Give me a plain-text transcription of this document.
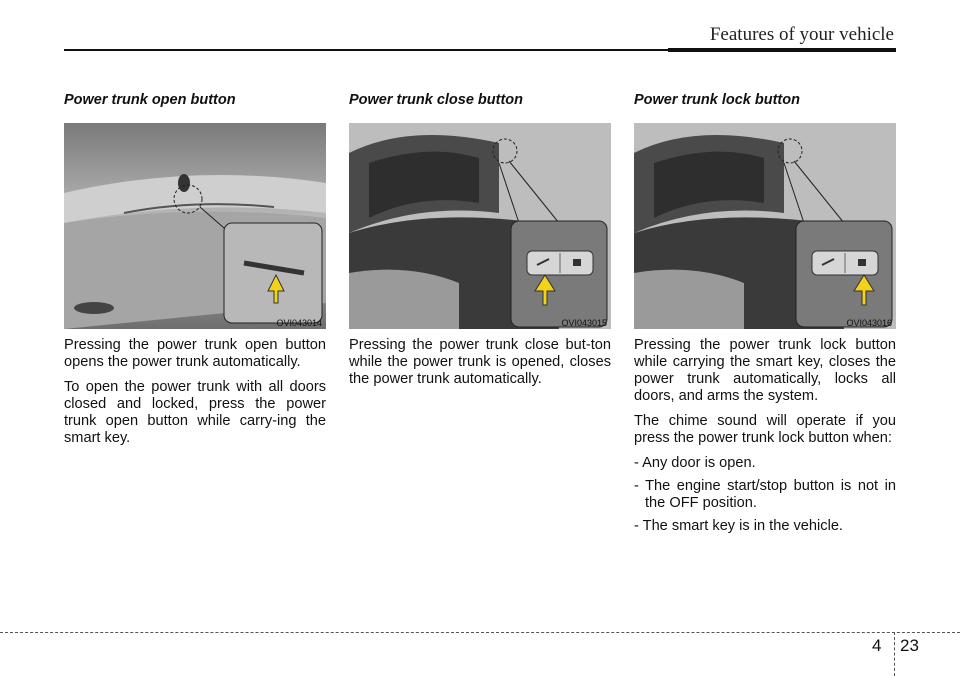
Features of your vehicle
Power trunk open button
OVI043014

Pressing the power trunk open button opens the power trunk automatically.

To open the power trunk with all doors closed and locked, press the power trunk open button while carry-ing the smart key.

Power trunk close button
OVI043015

Pressing the power trunk close but-ton while the power trunk is opened, closes the power trunk automatically.

Power trunk lock button
OVI043016

Pressing the power trunk lock button while carrying the smart key, closes the power trunk automatically, locks all doors, and arms the system.

The chime sound will operate if you press the power trunk lock button when:

- Any door is open.

- The engine start/stop button is not in the OFF position.

- The smart key is in the vehicle.

4 23
